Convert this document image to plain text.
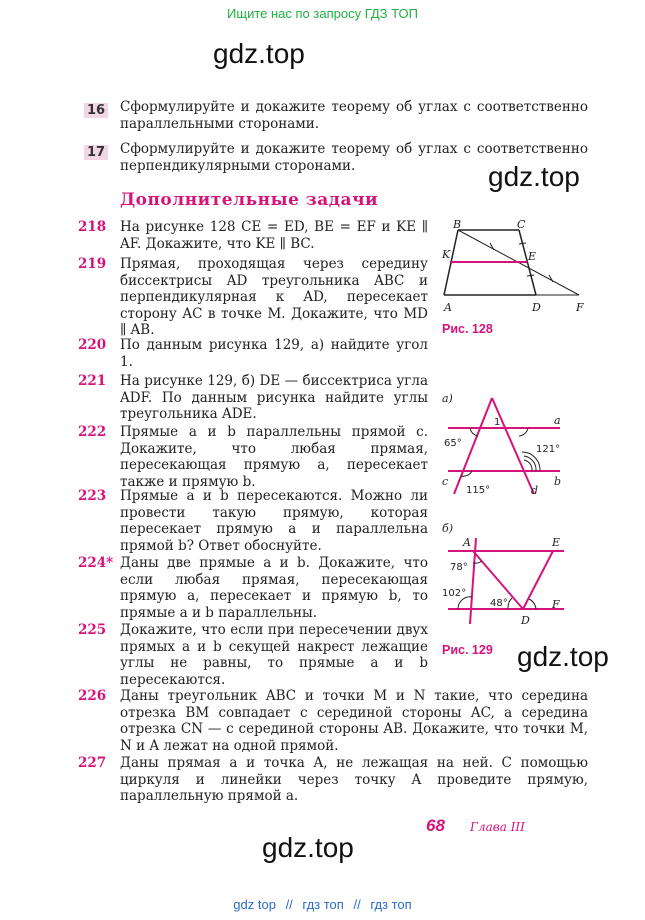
Ищите нас по запросу ГДЗ ТОП
gdz.top
gdz.top
gdz.top
gdz.top
16 Сформулируйте и докажите теорему об углах с соответственно параллельными сторонами.
17 Сформулируйте и докажите теорему об углах с соответственно перпендикулярными сторонами.
Дополнительные задачи
218 На рисунке 128 CE = ED, BE = EF и KE ∥ AF. Докажите, что KE ∥ BC.
219 Прямая, проходящая через середину биссектрисы AD треугольника ABC и перпендикулярная к AD, пересекает сторону AC в точке M. Докажите, что MD ∥ AB.
220 По данным рисунка 129, а) найдите угол 1.
221 На рисунке 129, б) DE — биссектриса угла ADF. По данным рисунка найдите углы треугольника ADE.
222 Прямые a и b параллельны прямой c. Докажите, что любая прямая, пересекающая прямую a, пересекает также и прямую b.
223 Прямые a и b пересекаются. Можно ли провести такую прямую, которая пересекает прямую a и параллельна прямой b? Ответ обоснуйте.
224* Даны две прямые a и b. Докажите, что если любая прямая, пересекающая прямую a, пересекает и прямую b, то прямые a и b параллельны.
225 Докажите, что если при пересечении двух прямых a и b секущей накрест лежащие углы не равны, то прямые a и b пересекаются.
226 Даны треугольник ABC и точки M и N такие, что середина отрезка BM совпадает с серединой стороны AC, а середина отрезка CN — с серединой стороны AB. Докажите, что точки M, N и A лежат на одной прямой.
227 Даны прямая a и точка A, не лежащая на ней. С помощью циркуля и линейки через точку A проведите прямую, параллельную прямой a.
B	C
K	E
A	D	F
Рис. 128
а)
1	a
b
c
d
65°
121°
115°
б)
A	E
D
F
78°
102°
48°
Рис. 129
68 Глава III
gdz top // гдз топ // гдз топ
